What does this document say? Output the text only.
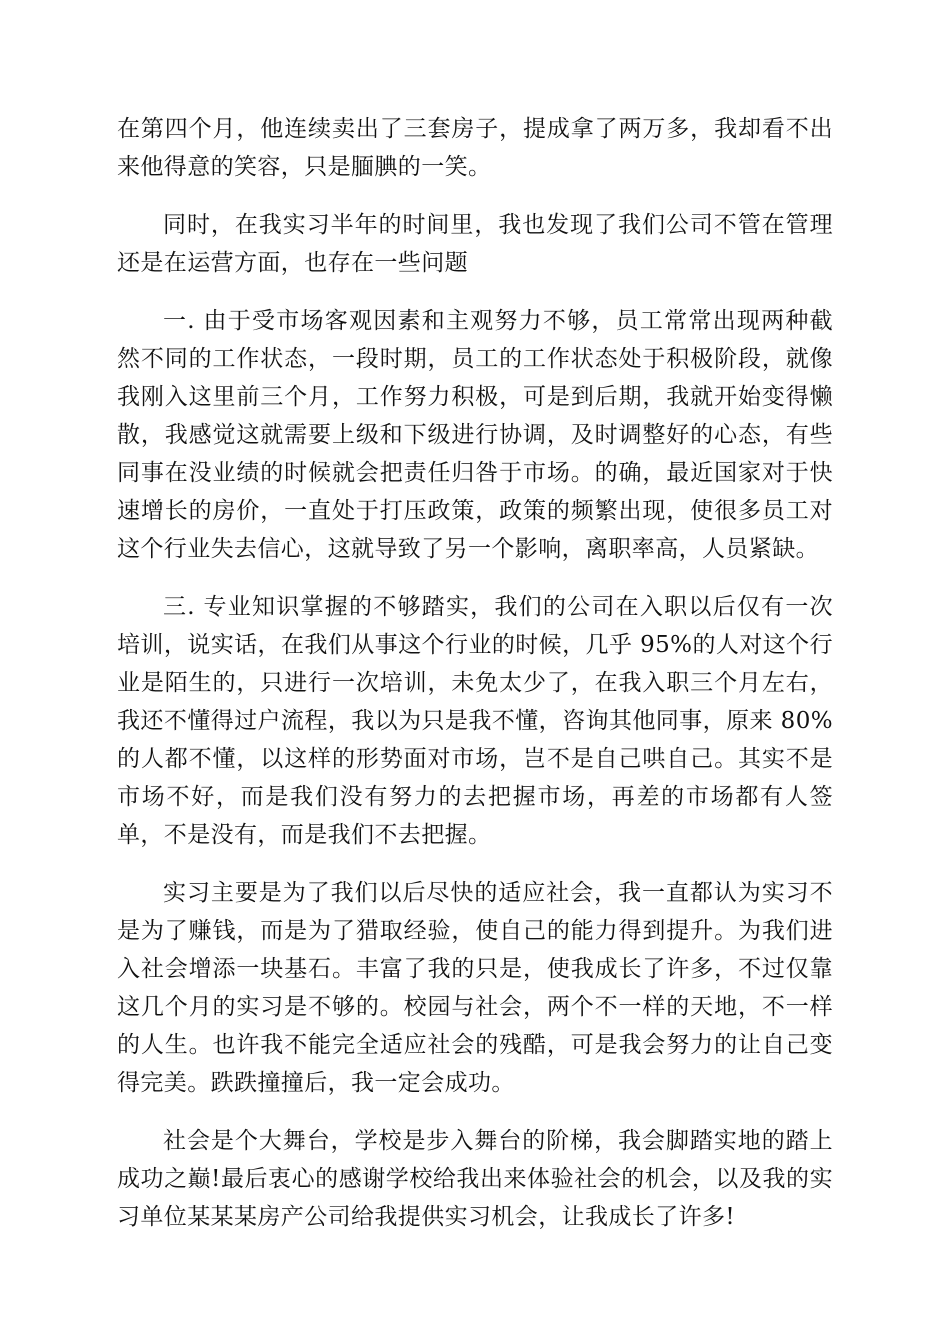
在第四个月，他连续卖出了三套房子，提成拿了两万多，我却看不出来他得意的笑容，只是腼腆的一笑。

同时，在我实习半年的时间里，我也发现了我们公司不管在管理还是在运营方面，也存在一些问题

一. 由于受市场客观因素和主观努力不够，员工常常出现两种截然不同的工作状态，一段时期，员工的工作状态处于积极阶段，就像我刚入这里前三个月，工作努力积极，可是到后期，我就开始变得懒散，我感觉这就需要上级和下级进行协调，及时调整好的心态，有些同事在没业绩的时候就会把责任归咎于市场。的确，最近国家对于快速增长的房价，一直处于打压政策，政策的频繁出现，使很多员工对这个行业失去信心，这就导致了另一个影响，离职率高，人员紧缺。

三. 专业知识掌握的不够踏实，我们的公司在入职以后仅有一次培训，说实话，在我们从事这个行业的时候，几乎 95%的人对这个行业是陌生的，只进行一次培训，未免太少了，在我入职三个月左右，我还不懂得过户流程，我以为只是我不懂，咨询其他同事，原来 80%的人都不懂，以这样的形势面对市场，岂不是自己哄自己。其实不是市场不好，而是我们没有努力的去把握市场，再差的市场都有人签单，不是没有，而是我们不去把握。

实习主要是为了我们以后尽快的适应社会，我一直都认为实习不是为了赚钱，而是为了猎取经验，使自己的能力得到提升。为我们进入社会增添一块基石。丰富了我的只是，使我成长了许多，不过仅靠这几个月的实习是不够的。校园与社会，两个不一样的天地，不一样的人生。也许我不能完全适应社会的残酷，可是我会努力的让自己变得完美。跌跌撞撞后，我一定会成功。

社会是个大舞台，学校是步入舞台的阶梯，我会脚踏实地的踏上成功之巅!最后衷心的感谢学校给我出来体验社会的机会，以及我的实习单位某某某房产公司给我提供实习机会，让我成长了许多!
